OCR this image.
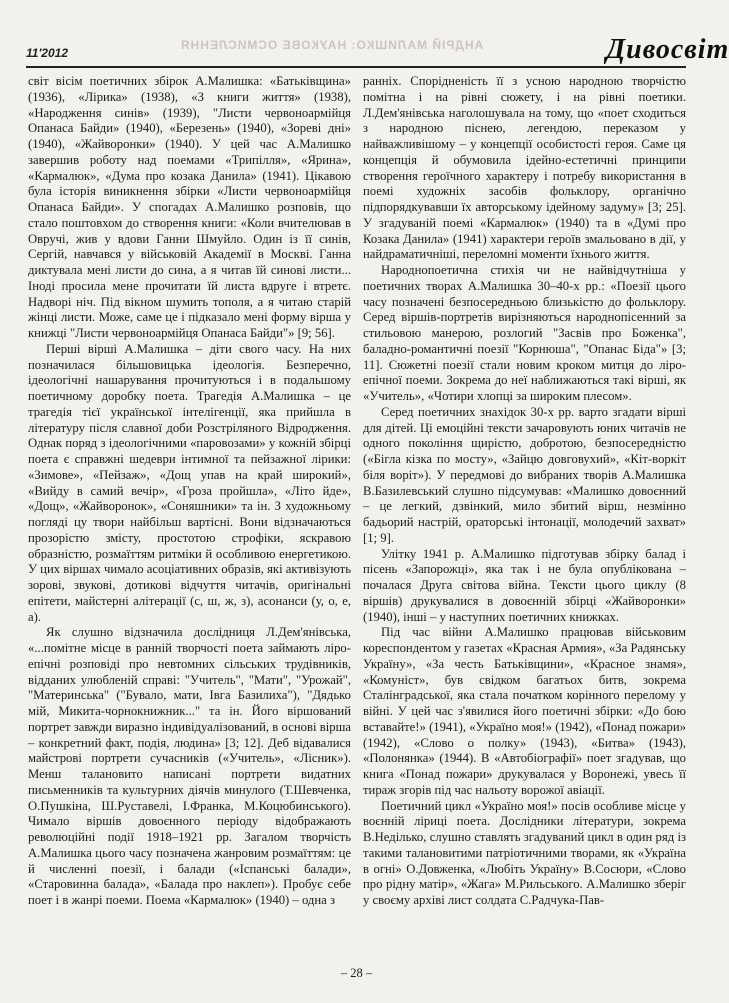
11'2012
АНДРІЙ МАЛИШКО: НАУКОВЕ ОСМИСЛЕННЯ	Дивосвіт

світ вісім поетичних збірок А.Малишка: «Батьківщина» (1936), «Лірика» (1938), «З книги життя» (1938), «Народження синів» (1939), "Листи червоноармійця Опанаса Байди» (1940), «Березень» (1940), «Зореві дні» (1940), «Жайворонки» (1940). У цей час А.Малишко завершив роботу над поемами «Трипілля», «Ярина», «Кармалюк», «Дума про козака Данила» (1941). Цікавою була історія виникнення збірки «Листи червоноармійця Опанаса Байди». У спогадах А.Малишко розповів, що стало поштовхом до створення книги: «Коли вчителював в Овручі, жив у вдови Ганни Шмуйло. Один із її синів, Сергій, навчався у військовій Академії в Москві. Ганна диктувала мені листи до сина, а я читав їй синові листи... Іноді просила мене прочитати їй листа вдруге і втретє. Надворі ніч. Під вікном шумить тополя, а я читаю старій жінці листи. Може, саме це і підказало мені форму вірша у книжці "Листи червоноармійця Опанаса Байди"» [9; 56].

Перші вірші А.Малишка – діти свого часу. На них позначилася більшовицька ідеологія. Безперечно, ідеологічні нашарування прочитуються і в подальшому поетичному доробку поета. Трагедія А.Малишка – це трагедія тієї української інтелігенції, яка прийшла в літературу після славної доби Розстріляного Відродження. Однак поряд з ідеологічними «паровозами» у кожній збірці поета є справжні шедеври інтимної та пейзажної лірики: «Зимове», «Пейзаж», «Дощ упав на край широкий», «Вийду в самий вечір», «Гроза пройшла», «Літо йде», «Дощ», «Жайворонок», «Соняшники» та ін. З художньому погляді цу твори найбільш вартісні. Вони відзначаються прозорістю змісту, простотою строфіки, яскравою образністю, розмаїттям ритміки й особливою енергетикою. У цих віршах чимало асоціативних образів, які активізують зорові, звукові, дотикові відчуття читачів, оригінальні епітети, майстерні алітерації (с, ш, ж, з), асонанси (у, о, е, а).

Як слушно відзначила дослідниця Л.Дем'янівська, «...помітне місце в ранній творчості поета займають ліро-епічні розповіді про невтомних сільських трудівників, відданих улюбленій справі: "Учитель", "Мати", "Урожай", "Материнська" ("Бувало, мати, Івга Базилиха"), "Дядько мій, Микита-чорнокнижник..." та ін. Його віршований портрет завжди виразно індивідуалізований, в основі вірша – конкретний факт, подія, людина» [3; 12]. Деб відавалися майстрові портрети сучасників («Учитель», «Лісник»). Менш талановито написані портрети видатних письменників та культурних діячів минулого (Т.Шевченка, О.Пушкіна, Ш.Руставелі, І.Франка, М.Коцюбинського). Чимало віршів довоєнного періоду відображають революційні події 1918–1921 рр. Загалом творчість А.Малишка цього часу позначена жанровим розмаїттям: це й численні поезії, і балади («Іспанські балади», «Старовинна балада», «Балада про наклеп»). Пробує себе поет і в жанрі поеми. Поема «Кармалюк» (1940) – одна з

ранніх. Спорідненість її з усною народною творчістю помітна і на рівні сюжету, і на рівні поетики. Л.Дем'янівська наголошувала на тому, що «поет сходиться з народною піснею, легендою, переказом у найважливішому – у концепції особистості героя. Саме ця концепція й обумовила ідейно-естетичні принципи створення героїчного характеру і потребу використання в поемі художніх засобів фольклору, органічно підпорядкувавши їх авторському ідейному задуму» [3; 25]. У згадуваній поемі «Кармалюк» (1940) та в «Думі про Козака Данила» (1941) характери героїв змальовано в дії, у найдраматичніші, переломні моменти їхнього життя.

Народнопоетична стихія чи не найвідчутніша у поетичних творах А.Малишка 30–40-х рр.: «Поезії цього часу позначені безпосередньою близькістю до фольклору. Серед віршів-портретів вирізняються народнопісенний за стильовою манерою, розлогий "Засвів про Боженка", баладно-романтичні поезії "Корнюша", "Опанас Біда"» [3; 11]. Сюжетні поезії стали новим кроком митця до ліро-епічної поеми. Зокрема до неї наближаються такі вірші, як «Учитель», «Чотири хлопці за широким плесом».

Серед поетичних знахідок 30-х рр. варто згадати вірші для дітей. Ці емоційні тексти зачаровують юних читачів не одного покоління щирістю, добротою, безпосередністю («Бігла кізка по мосту», «Зайцю довговухий», «Кіт-воркіт біля воріт»). У передмові до вибраних творів А.Малишка В.Базилевський слушно підсумував: «Малишко довоєнний – це легкий, дзвінкий, мило збитий вірш, незмінно бадьорий настрій, ораторські інтонації, молодечий захват» [1; 9].

Улітку 1941 р. А.Малишко підготував збірку балад і пісень «Запорожці», яка так і не була опублікована – почалася Друга світова війна. Тексти цього циклу (8 віршів) друкувалися в довоєнній збірці «Жайворонки» (1940), інші – у наступних поетичних книжках.

Під час війни А.Малишко працював військовим кореспондентом у газетах «Красная Армия», «За Радянську Україну», «За честь Батьківщини», «Красное знамя», «Комуніст», був свідком багатьох битв, зокрема Сталінградської, яка стала початком корінного перелому у війні. У цей час з'явилися його поетичні збірки: «До бою вставайте!» (1941), «Україно моя!» (1942), «Понад пожари» (1942), «Слово о полку» (1943), «Битва» (1943), «Полонянка» (1944). В «Автобіографії» поет згадував, що книга «Понад пожари» друкувалася у Воронежі, увесь її тираж згорів під час нальоту ворожої авіації.

Поетичний цикл «Україно моя!» посів особливе місце у воєнній ліриці поета. Дослідники літератури, зокрема В.Неділько, слушно ставлять згадуваний цикл в один ряд із такими талановитими патріотичними творами, як «Україна в огні» О.Довженка, «Любіть Україну» В.Сосюри, «Слово про рідну матір», «Жага» М.Рильського. А.Малишко зберіг у своєму архіві лист солдата С.Радчука-Пав-

– 28 –
